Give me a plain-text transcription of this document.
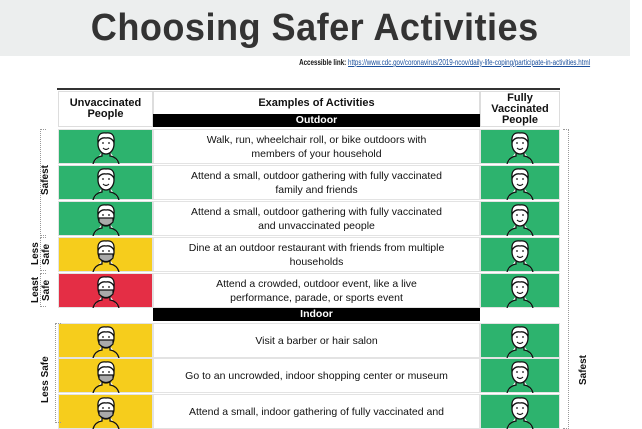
Choosing Safer Activities
Accessible link: https://www.cdc.gov/coronavirus/2019-ncov/daily-life-coping/participate-in-activities.html
Unvaccinated People
Examples of Activities	Fully Vaccinated People
Outdoor
Indoor
Walk, run, wheelchair roll, or bike outdoors with members of your household
Attend a small, outdoor gathering with fully vaccinated family and friends
Attend a small, outdoor gathering with fully vaccinated and unvaccinated people
Dine at an outdoor restaurant with friends from multiple households
Attend a crowded, outdoor event, like a live performance, parade, or sports event
Visit a barber or hair salon
Go to an uncrowded, indoor shopping center or museum
Attend a small, indoor gathering of fully vaccinated and
Safest
Less Safe
Least Safe
Less Safe	Safest
